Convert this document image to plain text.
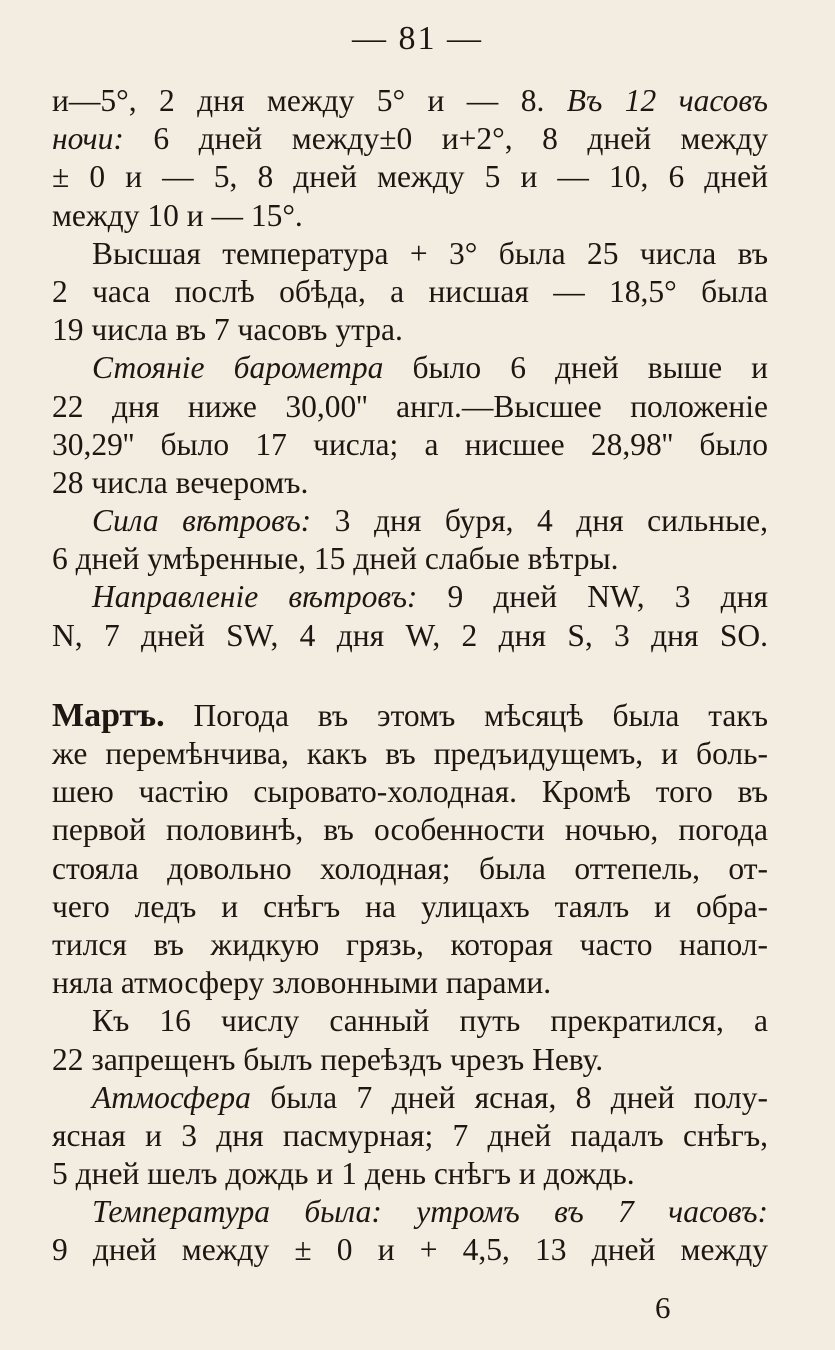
— 81 —
и—5°, 2 дня между 5° и — 8. Въ 12 часовъ
ночи: 6 дней между±0 и+2°, 8 дней между
± 0 и — 5, 8 дней между 5 и — 10, 6 дней
между 10 и — 15°.
Высшая температура + 3° была 25 числа въ
2 часа послѣ обѣда, а нисшая — 18,5° была
19 числа въ 7 часовъ утра.
Стоянiе барометра было 6 дней выше и
22 дня ниже 30,00'' англ.—Высшее положенiе
30,29'' было 17 числа; а нисшее 28,98'' было
28 числа вечеромъ.
Сила вѣтровъ: 3 дня буря, 4 дня сильные,
6 дней умѣренные, 15 дней слабые вѣтры.
Направленiе вѣтровъ: 9 дней NW, 3 дня
N, 7 дней SW, 4 дня W, 2 дня S, 3 дня SO.
Мартъ. Погода въ этомъ мѣсяцѣ была такъ
же перемѣнчива, какъ въ предъидущемъ, и боль-
шею частiю сыровато-холодная. Кромѣ того въ
первой половинѣ, въ особенности ночью, погода
стояла довольно холодная; была оттепель, от-
чего ледъ и снѣгъ на улицахъ таялъ и обра-
тился въ жидкую грязь, которая часто напол-
няла атмосферу зловонными парами.
Къ 16 числу санный путь прекратился, а
22 запрещенъ былъ переѣздъ чрезъ Неву.
Атмосфера была 7 дней ясная, 8 дней полу-
ясная и 3 дня пасмурная; 7 дней падалъ снѣгъ,
5 дней шелъ дождь и 1 день снѣгъ и дождь.
Температура была: утромъ въ 7 часовъ:
9 дней между ± 0 и + 4,5, 13 дней между
6
